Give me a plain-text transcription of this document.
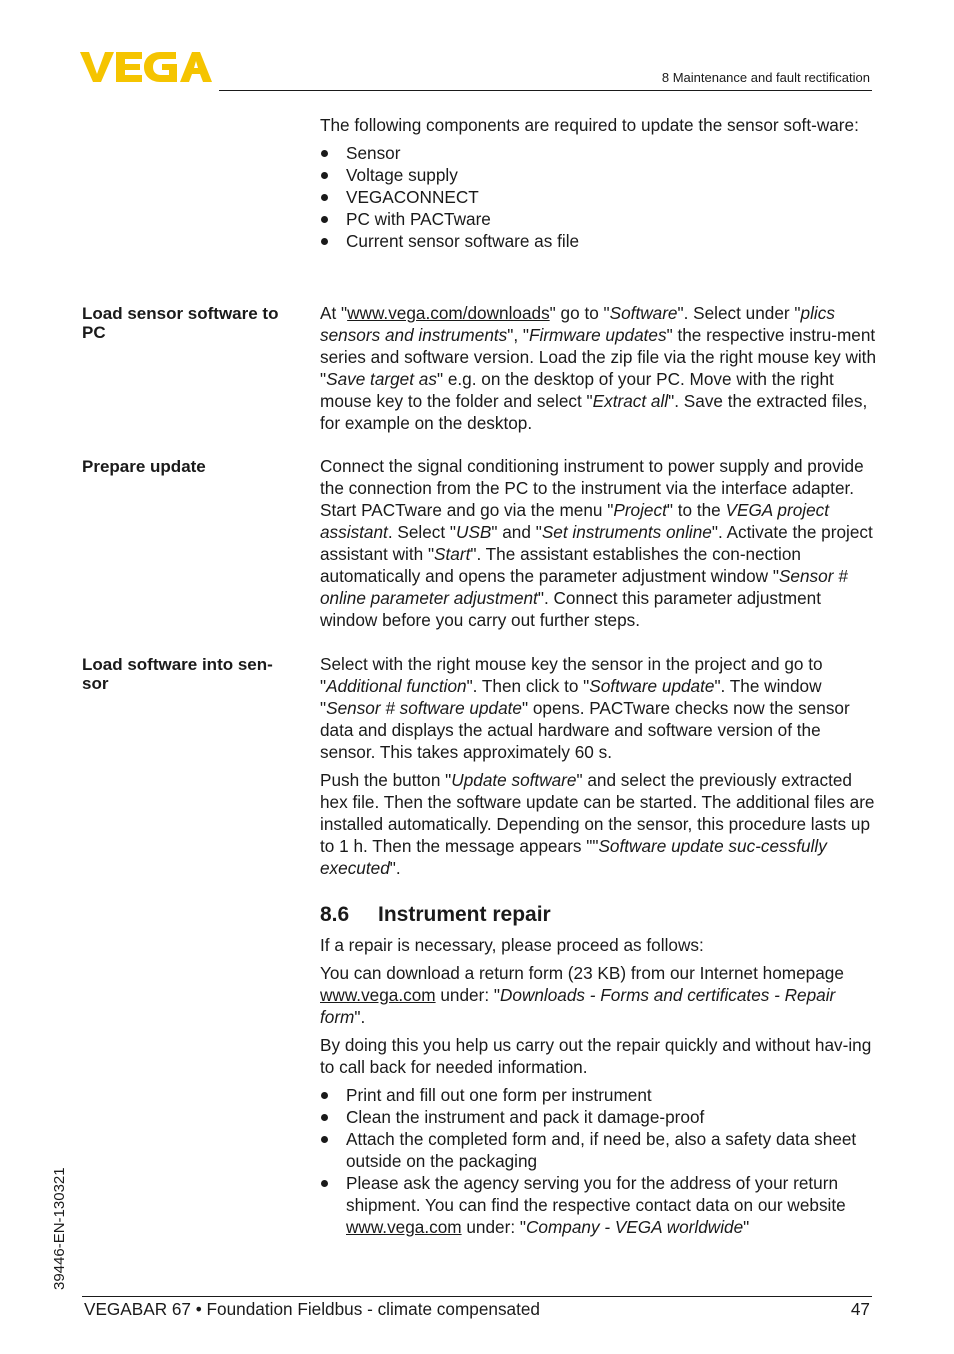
8 Maintenance and fault rectification

The following components are required to update the sensor soft-ware:

Sensor
Voltage supply
VEGACONNECT
PC with PACTware
Current sensor software as file
Load sensor software to PC

At "www.vega.com/downloads" go to "Software". Select under "plics sensors and instruments", "Firmware updates" the respective instru-ment series and software version. Load the zip file via the right mouse key with "Save target as" e.g. on the desktop of your PC. Move with the right mouse key to the folder and select "Extract all". Save the extracted files, for example on the desktop.

Prepare update	Connect the signal conditioning instrument to power supply and provide the connection from the PC to the instrument via the interface adapter. Start PACTware and go via the menu "Project" to the VEGA project assistant. Select "USB" and "Set instruments online". Activate the project assistant with "Start". The assistant establishes the con-nection automatically and opens the parameter adjustment window "Sensor # online parameter adjustment". Connect this parameter adjustment window before you carry out further steps.

Load software into sen-sor

Select with the right mouse key the sensor in the project and go to "Additional function". Then click to "Software update". The window "Sensor # software update" opens. PACTware checks now the sensor data and displays the actual hardware and software version of the sensor. This takes approximately 60 s.

Push the button "Update software" and select the previously extracted hex file. Then the software update can be started. The additional files are installed automatically. Depending on the sensor, this procedure lasts up to 1 h. Then the message appears ""Software update suc-cessfully executed".

8.6 Instrument repair

If a repair is necessary, please proceed as follows:

You can download a return form (23 KB) from our Internet homepage www.vega.com under: "Downloads - Forms and certificates - Repair form".

By doing this you help us carry out the repair quickly and without hav-ing to call back for needed information.

Print and fill out one form per instrument
Clean the instrument and pack it damage-proof
Attach the completed form and, if need be, also a safety data sheet outside on the packaging
Please ask the agency serving you for the address of your return shipment. You can find the respective contact data on our website www.vega.com under: "Company - VEGA worldwide"
39446-EN-130321
VEGABAR 67 • Foundation Fieldbus - climate compensated	47
